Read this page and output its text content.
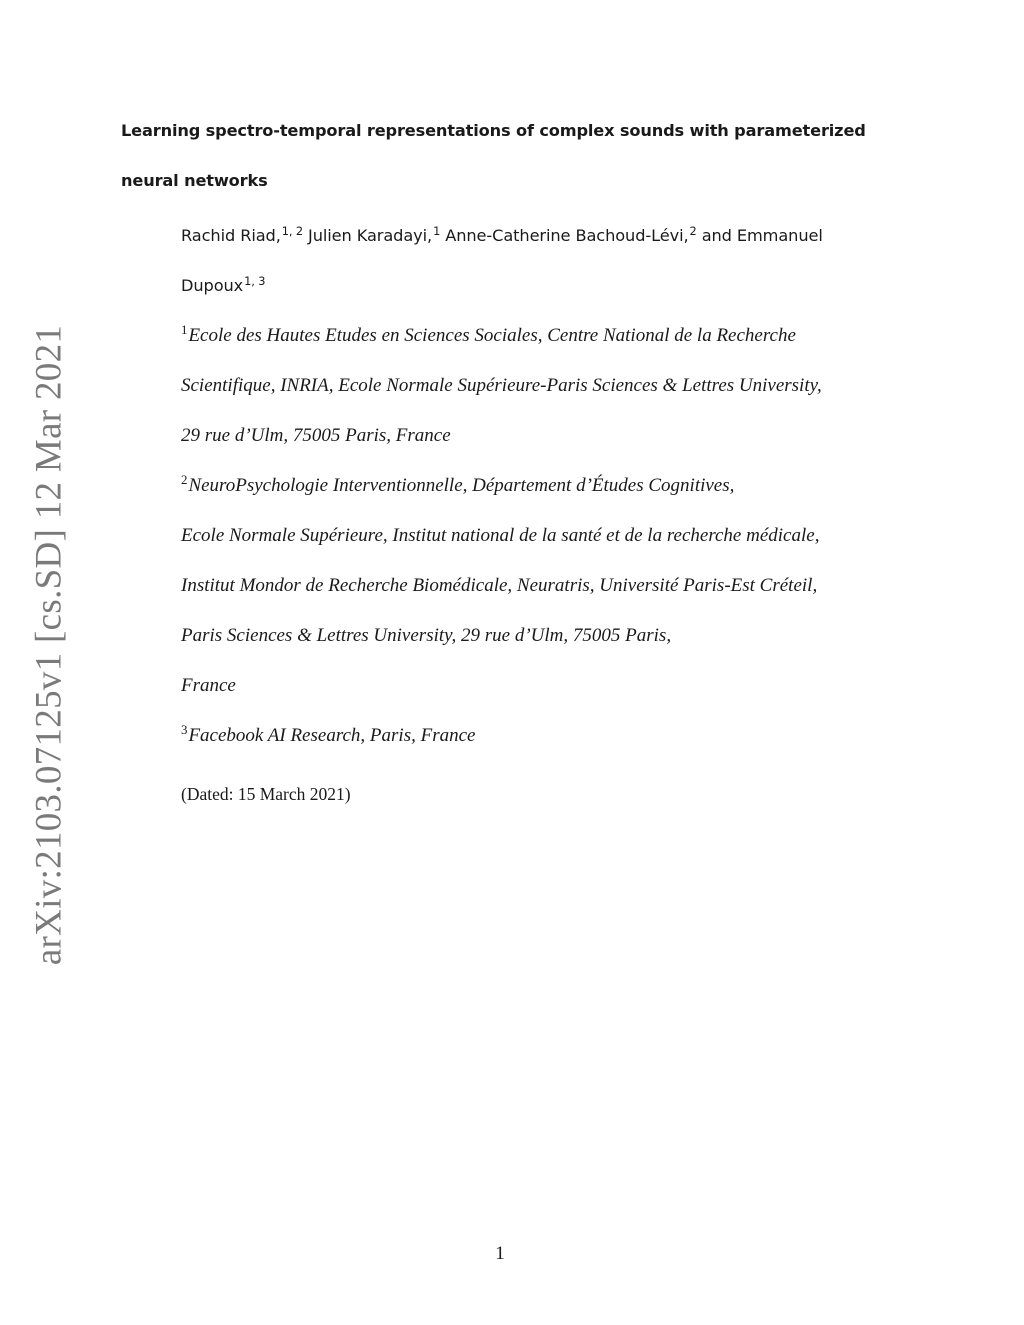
arXiv:2103.07125v1 [cs.SD] 12 Mar 2021
Learning spectro-temporal representations of complex sounds with parameterized
neural networks
Rachid Riad,$^{1, 2}$ Julien Karadayi,$^1$ Anne-Catherine Bachoud-Lévi,$^2$ and Emmanuel
Dupoux$^{1, 3}$
$^1$Ecole des Hautes Etudes en Sciences Sociales, Centre National de la Recherche
Scientifique, INRIA, Ecole Normale Supérieure-Paris Sciences & Lettres University,
29 rue d’Ulm, 75005 Paris, France
$^2$NeuroPsychologie Interventionnelle, Département d’Études Cognitives,
Ecole Normale Supérieure, Institut national de la santé et de la recherche médicale,
Institut Mondor de Recherche Biomédicale, Neuratris, Université Paris-Est Créteil,
Paris Sciences & Lettres University, 29 rue d’Ulm, 75005 Paris,
France
$^3$Facebook AI Research, Paris, France
(Dated: 15 March 2021)
1
